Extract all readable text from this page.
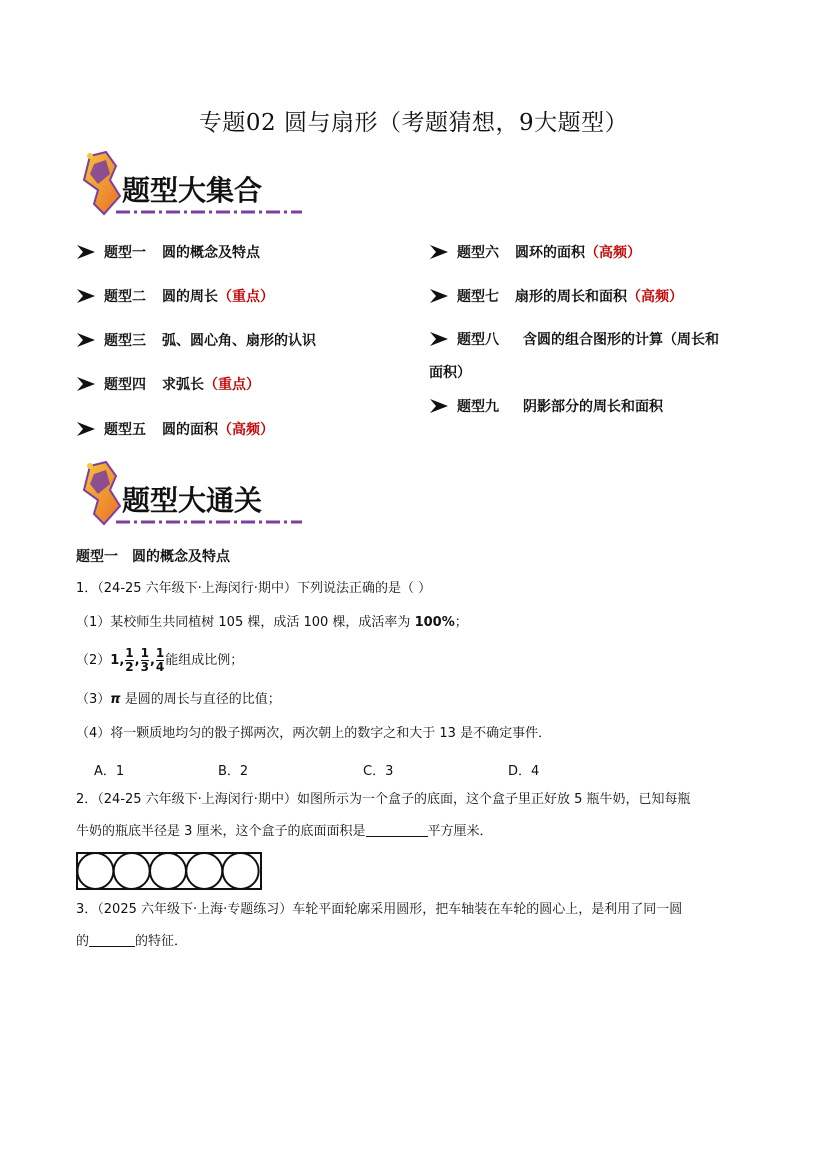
专题02 圆与扇形（考题猜想，9大题型）
题型大集合
题型一 圆的概念及特点
题型二 圆的周长（重点）
题型三 弧、圆心角、扇形的认识
题型四 求弧长（重点）
题型五 圆的面积（高频）
题型六 圆环的面积（高频）
题型七 扇形的周长和面积（高频）
题型八 含圆的组合图形的计算（周长和面积）
题型九 阴影部分的周长和面积
题型大通关
题型一　圆的概念及特点
1．（24-25 六年级下·上海闵行·期中）下列说法正确的是（ ）
（1）某校师生共同植树 105 棵，成活 100 棵，成活率为 100%；
（2）1, $\frac{1}{2}$ , $\frac{1}{3}$ , $\frac{1}{4}$ 能组成比例；
（3）π 是圆的周长与直径的比值；
（4）将一颗质地均匀的骰子掷两次，两次朝上的数字之和大于 13 是不确定事件．
A．1	B．2	C．3	D．4
2．（24-25 六年级下·上海闵行·期中）如图所示为一个盒子的底面，这个盒子里正好放 5 瓶牛奶，已知每瓶
牛奶的瓶底半径是 3 厘米，这个盒子的底面面积是	平方厘米．
3．（2025 六年级下·上海·专题练习）车轮平面轮廓采用圆形，把车轴装在车轮的圆心上，是利用了同一圆
的	的特征．
